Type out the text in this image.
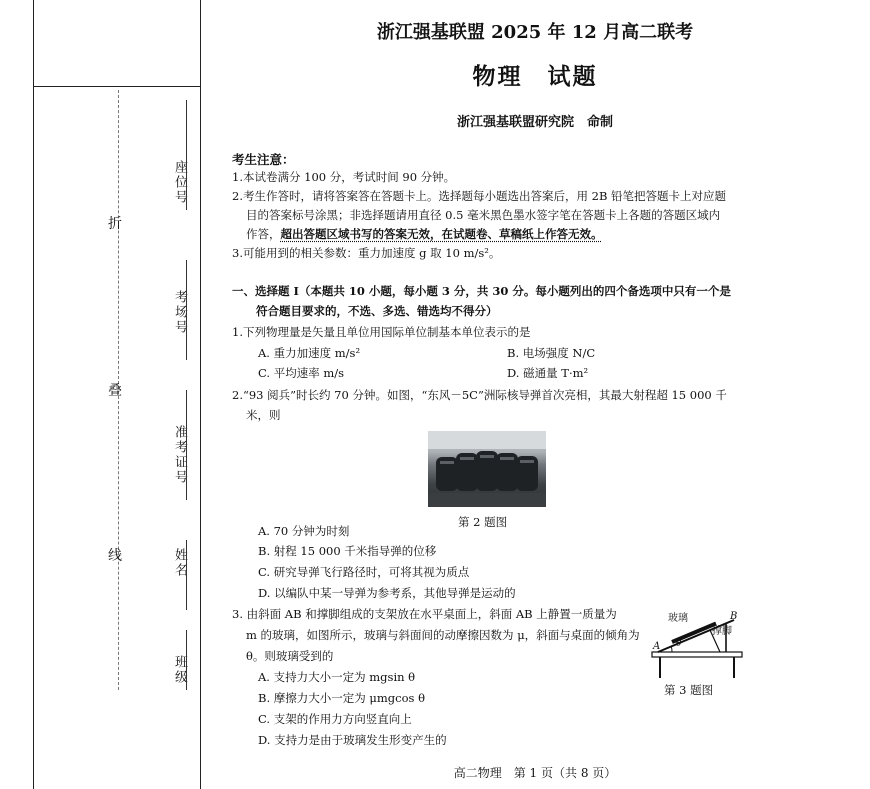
折
叠
线
座位号
考场号
准考证号
姓名
班级
浙江强基联盟 2025 年 12 月高二联考
物理　试题
浙江强基联盟研究院　命制
考生注意：
1.本试卷满分 100 分，考试时间 90 分钟。
2.考生作答时，请将答案答在答题卡上。选择题每小题选出答案后，用 2B 铅笔把答题卡上对应题
目的答案标号涂黑；非选择题请用直径 0.5 毫米黑色墨水签字笔在答题卡上各题的答题区域内
作答，超出答题区域书写的答案无效，在试题卷、草稿纸上作答无效。
3.可能用到的相关参数：重力加速度 g 取 10 m/s²。
一、选择题 Ⅰ（本题共 10 小题，每小题 3 分，共 30 分。每小题列出的四个备选项中只有一个是
符合题目要求的，不选、多选、错选均不得分）
1.下列物理量是矢量且单位用国际单位制基本单位表示的是
A. 重力加速度 m/s²	B. 电场强度 N/C
C. 平均速率 m/s	D. 磁通量 T·m²
2.“93 阅兵”时长约 70 分钟。如图，“东风－5C”洲际核导弹首次亮相，其最大射程超 15 000 千
米，则
第 2 题图
A. 70 分钟为时刻
B. 射程 15 000 千米指导弹的位移
C. 研究导弹飞行路径时，可将其视为质点
D. 以编队中某一导弹为参考系，其他导弹是运动的
3. 由斜面 AB 和撑脚组成的支架放在水平桌面上，斜面 AB 上静置一质量为
m 的玻璃，如图所示，玻璃与斜面间的动摩擦因数为 μ，斜面与桌面的倾角为
θ。则玻璃受到的
A. 支持力大小一定为 mgsin θ
B. 摩擦力大小一定为 μmgcos θ
C. 支架的作用力方向竖直向上
D. 支持力是由于玻璃发生形变产生的
玻璃	B
撑脚
A θ
第 3 题图
高二物理　第 1 页（共 8 页）
